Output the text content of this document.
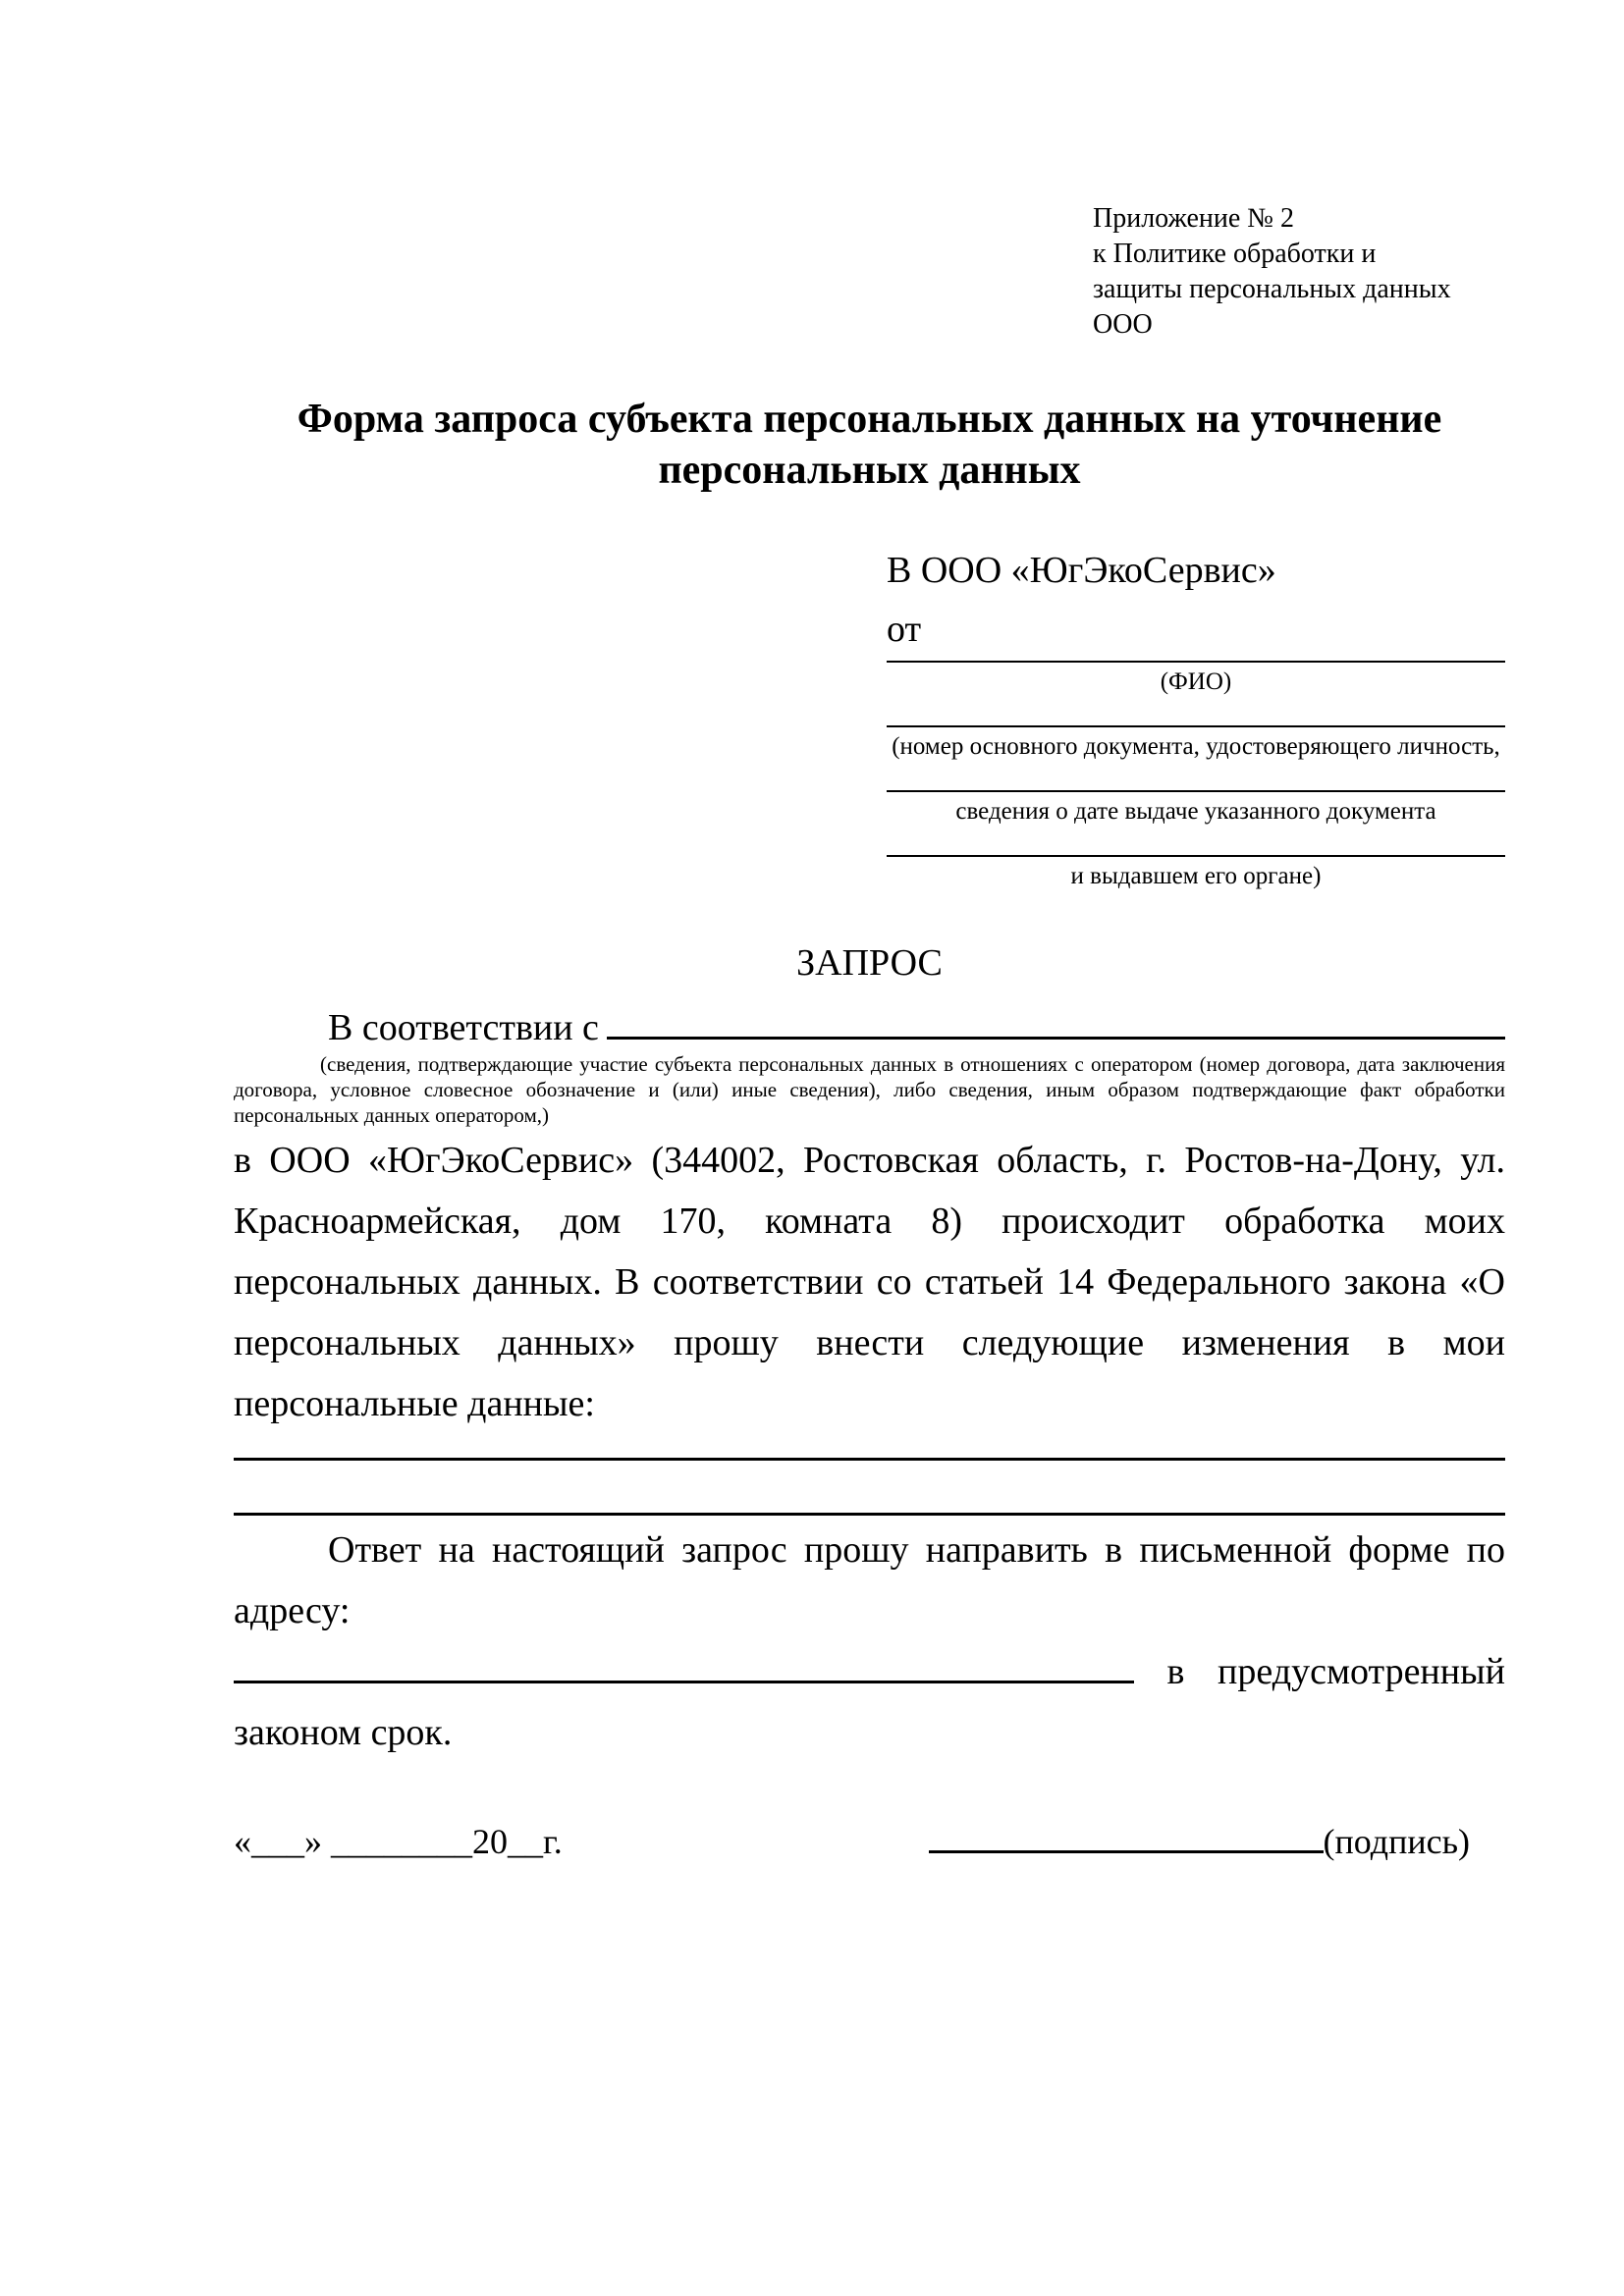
Приложение № 2
к Политике обработки и
защиты персональных данных
ООО
Форма запроса субъекта персональных данных на уточнение персональных данных
В ООО «ЮгЭкоСервис»
от
(ФИО)
(номер основного документа, удостоверяющего личность,
сведения о дате выдаче указанного документа
и выдавшем его органе)
ЗАПРОС
В соответствии с
(сведения, подтверждающие участие субъекта персональных данных в отношениях с оператором (номер договора, дата заключения договора, условное словесное обозначение и (или) иные сведения), либо сведения, иным образом подтверждающие факт обработки персональных данных оператором,)
в ООО «ЮгЭкоСервис» (344002, Ростовская область, г. Ростов-на-Дону, ул. Красноармейская, дом 170, комната 8) происходит обработка моих персональных данных. В соответствии со статьей 14 Федерального закона «О персональных данных» прошу внести следующие изменения в мои персональные данные:
Ответ на настоящий запрос прошу направить в письменной форме по адресу:
в предусмотренный
законом срок.
«___» ________20__г.	(подпись)
